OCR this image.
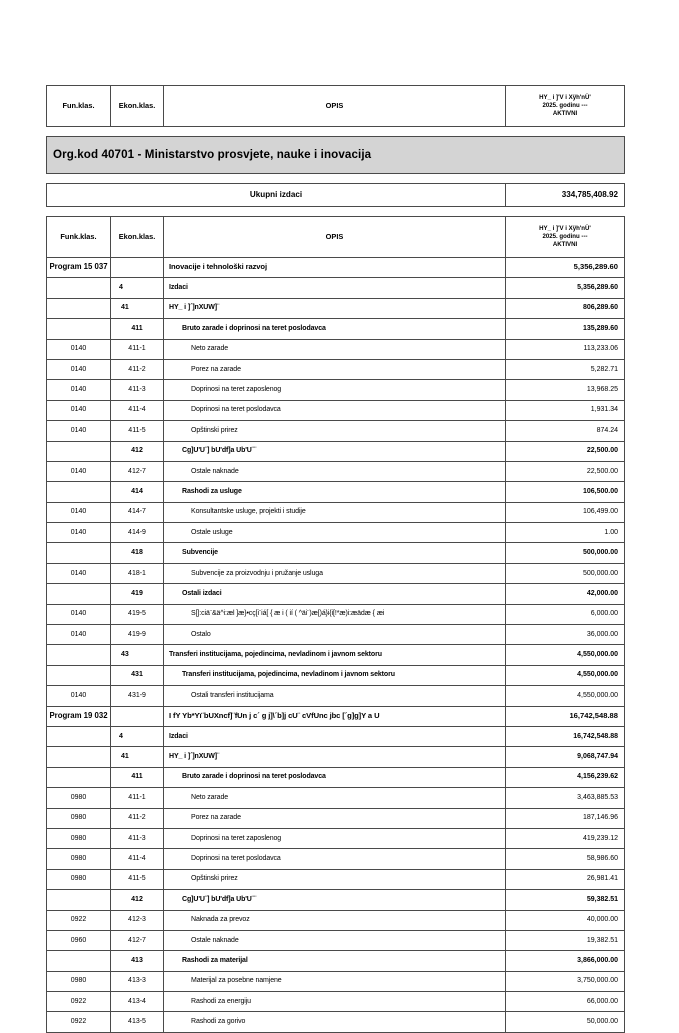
Fun.klas.	Ekon.klas.	OPIS	HY_ i ]'V i Xÿh'nÙ'
2025. godinu ---
AKTIVNI
Org.kod 40701 - Ministarstvo prosvjete, nauke i inovacija
Ukupni izdaci	334,785,408.92
Funk.klas.	Ekon.klas.	OPIS	HY_ i ]'V i Xÿh'nÙ'
2025. godinu ---
AKTIVNI
Program 15 037		Inovacije i tehnološki razvoj	5,356,289.60
	4	Izdaci	5,356,289.60
	41	HY_ i ]´]nXUW]¨	806,289.60
	411	Bruto zarade i doprinosi na teret poslodavca	135,289.60
0140	411-1	Neto zarade	113,233.06
0140	411-2	Porez na zarade	5,282.71
0140	411-3	Doprinosi na teret zaposlenog	13,968.25
0140	411-4	Doprinosi na teret poslodavca	1,931.34
0140	411-5	Opštinski prirez	874.24
	412	Cg]U'U¨] bU'df]a Ub'U¨¨	22,500.00
0140	412-7	Ostale naknade	22,500.00
	414	Rashodi za usluge	106,500.00
0140	414-7	Konsultantske usluge, projekti i studije	106,499.00
0140	414-9	Ostale usluge	1.00
	418	Subvencije	500,000.00
0140	418-1	Subvencije za proizvodnju i pružanje usluga	500,000.00
	419	Ostali izdaci	42,000.00
0140	419-5	S[]:ciä¨&ä^i:æl ]æ}•cç[i¨iá[ { æ i ( ií ( ^äi¨)æ[)á}i{i[!*æ)i:æädæ { æi	6,000.00
0140	419-9	Ostalo	36,000.00
	43	Transferi institucijama, pojedincima, nevladinom i javnom sektoru	4,550,000.00
	431	Transferi institucijama, pojedincima, nevladinom i javnom sektoru	4,550,000.00
0140	431-9	Ostali transferi institucijama	4,550,000.00
Program 19 032		I fY Yb*Yï¨bUXncf]¨fUn j c´ g j]\´b]j cU¨ cVfUnc jbc [´g]g]Y a U	16,742,548.88
	4	Izdaci	16,742,548.88
	41	HY_ i ]´]nXUW]¨	9,068,747.94
	411	Bruto zarade i doprinosi na teret poslodavca	4,156,239.62
0980	411-1	Neto zarade	3,463,885.53
0980	411-2	Porez na zarade	187,146.96
0980	411-3	Doprinosi na teret zaposlenog	419,239.12
0980	411-4	Doprinosi na teret poslodavca	58,986.60
0980	411-5	Opštinski prirez	26,981.41
	412	Cg]U'U¨] bU'df]a Ub'U¨¨	59,382.51
0922	412-3	Naknada za prevoz	40,000.00
0960	412-7	Ostale naknade	19,382.51
	413	Rashodi za materijal	3,866,000.00
0980	413-3	Materijal za posebne namjene	3,750,000.00
0922	413-4	Rashodi za energiju	66,000.00
0922	413-5	Rashodi za gorivo	50,000.00
